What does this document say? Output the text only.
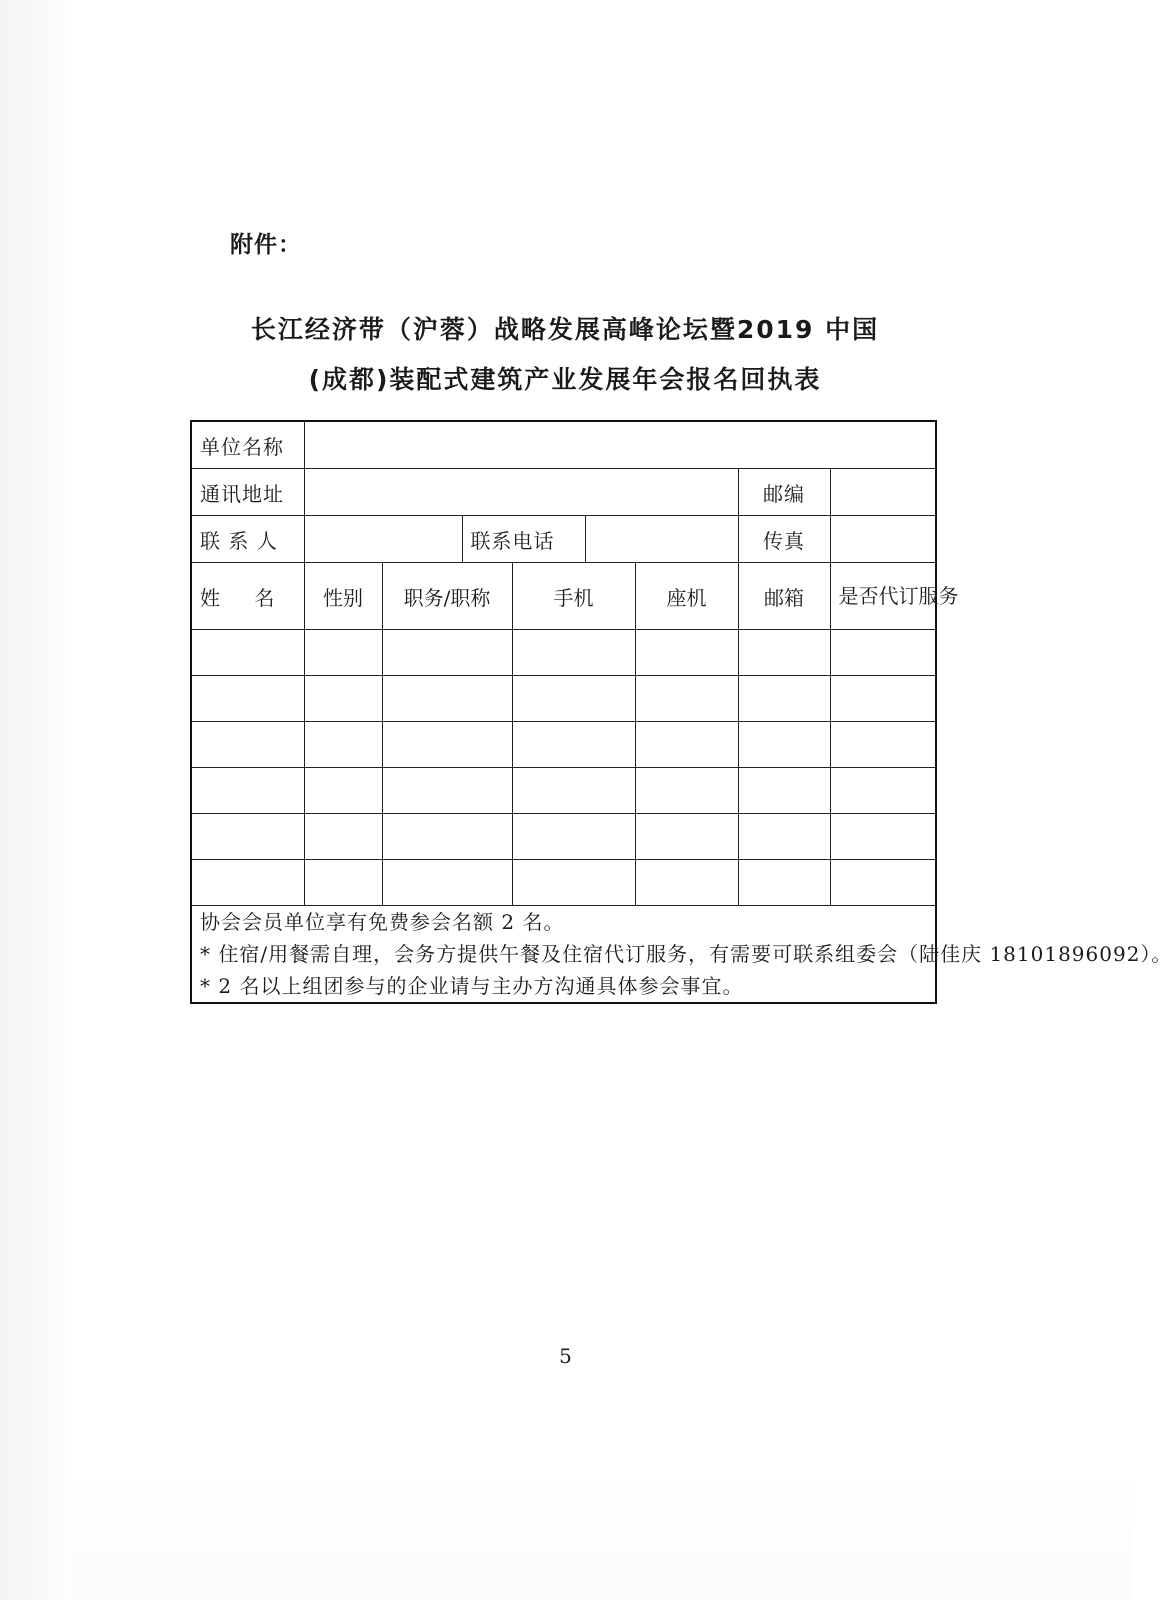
附件：
长江经济带（沪蓉）战略发展高峰论坛暨2019 中国
(成都)装配式建筑产业发展年会报名回执表
单位名称								
通讯地址							邮编	
联 系 人			联系电话				传真	
姓 名	性别	职务/职称		手机		座机	邮箱	是否代订服务

协会会员单位享有免费参会名额 2 名。
* 住宿/用餐需自理，会务方提供午餐及住宿代订服务，有需要可联系组委会（陆佳庆 18101896092）。
* 2 名以上组团参与的企业请与主办方沟通具体参会事宜。								
5
